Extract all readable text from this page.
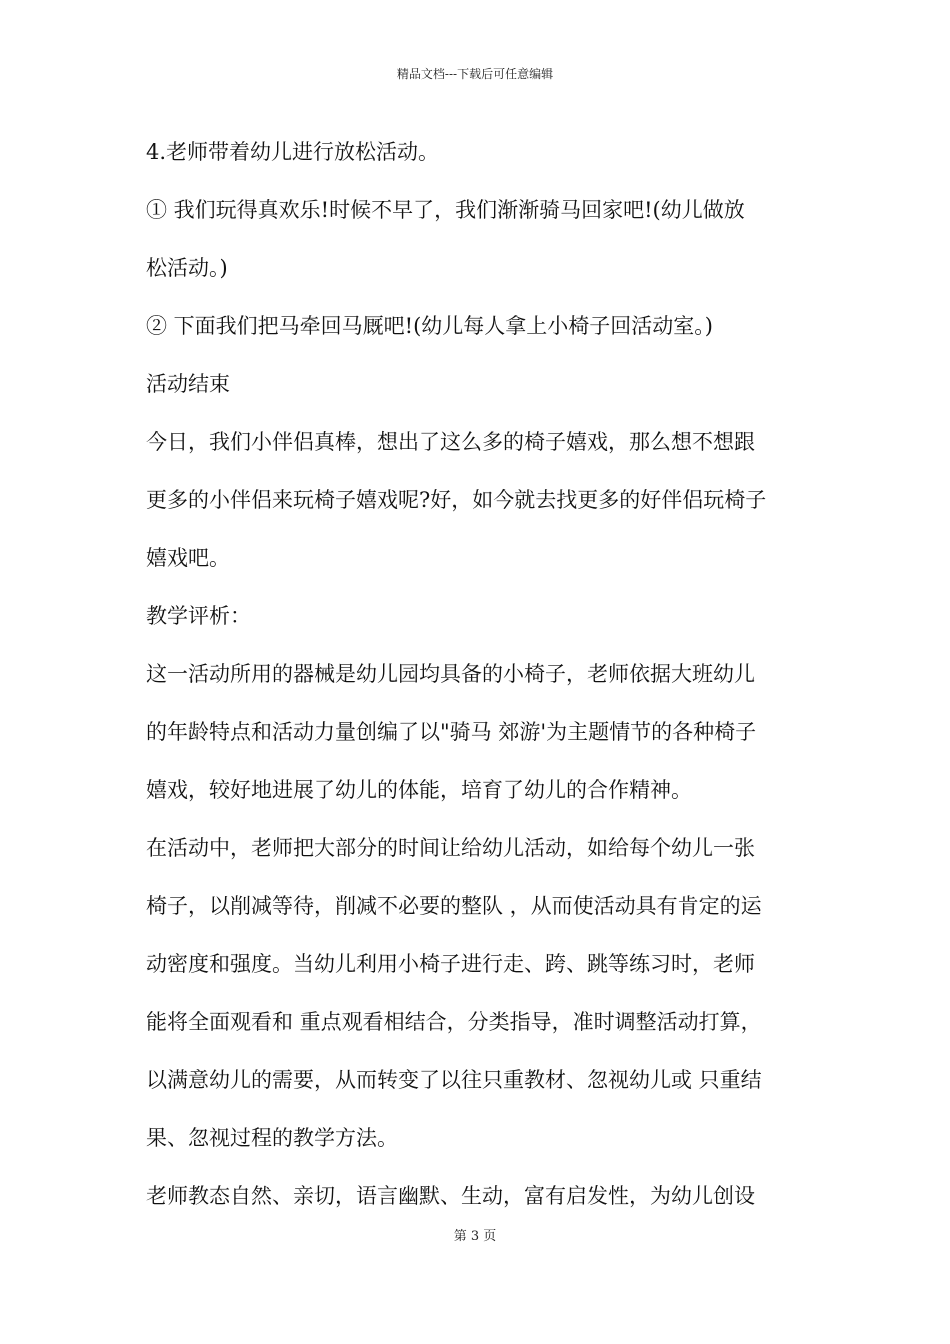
精品文档---下载后可任意编辑

4.老师带着幼儿进行放松活动。

① 我们玩得真欢乐!时候不早了，我们渐渐骑马回家吧!(幼儿做放
松活动。)

② 下面我们把马牵回马厩吧!(幼儿每人拿上小椅子回活动室。)

活动结束

今日，我们小伴侣真棒，想出了这么多的椅子嬉戏，那么想不想跟
更多的小伴侣来玩椅子嬉戏呢?好，如今就去找更多的好伴侣玩椅子
嬉戏吧。

教学评析：

这一活动所用的器械是幼儿园均具备的小椅子，老师依据大班幼儿
的年龄特点和活动力量创编了以"骑马 郊游'为主题情节的各种椅子
嬉戏，较好地进展了幼儿的体能，培育了幼儿的合作精神。

在活动中，老师把大部分的时间让给幼儿活动，如给每个幼儿一张
椅子，以削减等待，削减不必要的整队 ，从而使活动具有肯定的运
动密度和强度。当幼儿利用小椅子进行走、跨、跳等练习时，老师
能将全面观看和 重点观看相结合，分类指导，准时调整活动打算，
以满意幼儿的需要，从而转变了以往只重教材、忽视幼儿或 只重结
果、忽视过程的教学方法。

老师教态自然、亲切，语言幽默、生动，富有启发性，为幼儿创设

第 3 页
